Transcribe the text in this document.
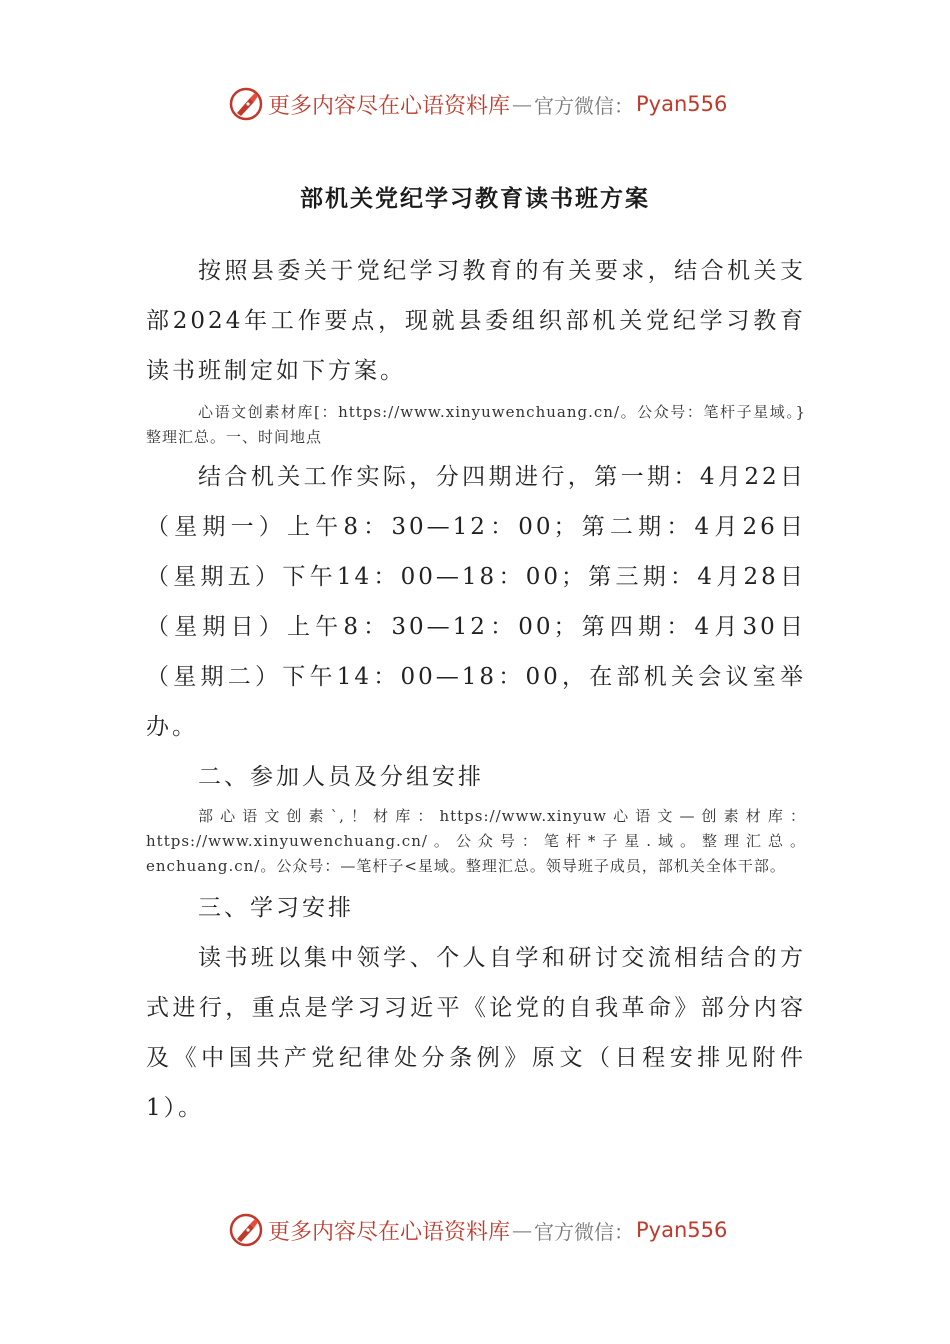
更多内容尽在心语资料库 — 官方微信： Pyan556
部机关党纪学习教育读书班方案

按照县委关于党纪学习教育的有关要求，结合机关支部2024年工作要点，现就县委组织部机关党纪学习教育读书班制定如下方案。

心语文创素材库[：https://www.xinyuwenchuang.cn/。公众号：笔杆子星域。}整理汇总。一、时间地点

结合机关工作实际，分四期进行，第一期：4月22日（星期一）上午8：30—12：00；第二期：4月26日（星期五）下午14：00—18：00；第三期：4月28日（星期日）上午8：30—12：00；第四期：4月30日（星期二）下午14：00—18：00，在部机关会议室举办。

二、参加人员及分组安排

部心语文创素`,！材库：https://www.xinyuw心语文—创素材库：https://www.xinyuwenchuang.cn/。公众号：笔杆*子星.域。整理汇总。enchuang.cn/。公众号：—笔杆子<星域。整理汇总。领导班子成员，部机关全体干部。

三、学习安排

读书班以集中领学、个人自学和研讨交流相结合的方式进行，重点是学习习近平《论党的自我革命》部分内容及《中国共产党纪律处分条例》原文（日程安排见附件1）。

更多内容尽在心语资料库 — 官方微信： Pyan556
